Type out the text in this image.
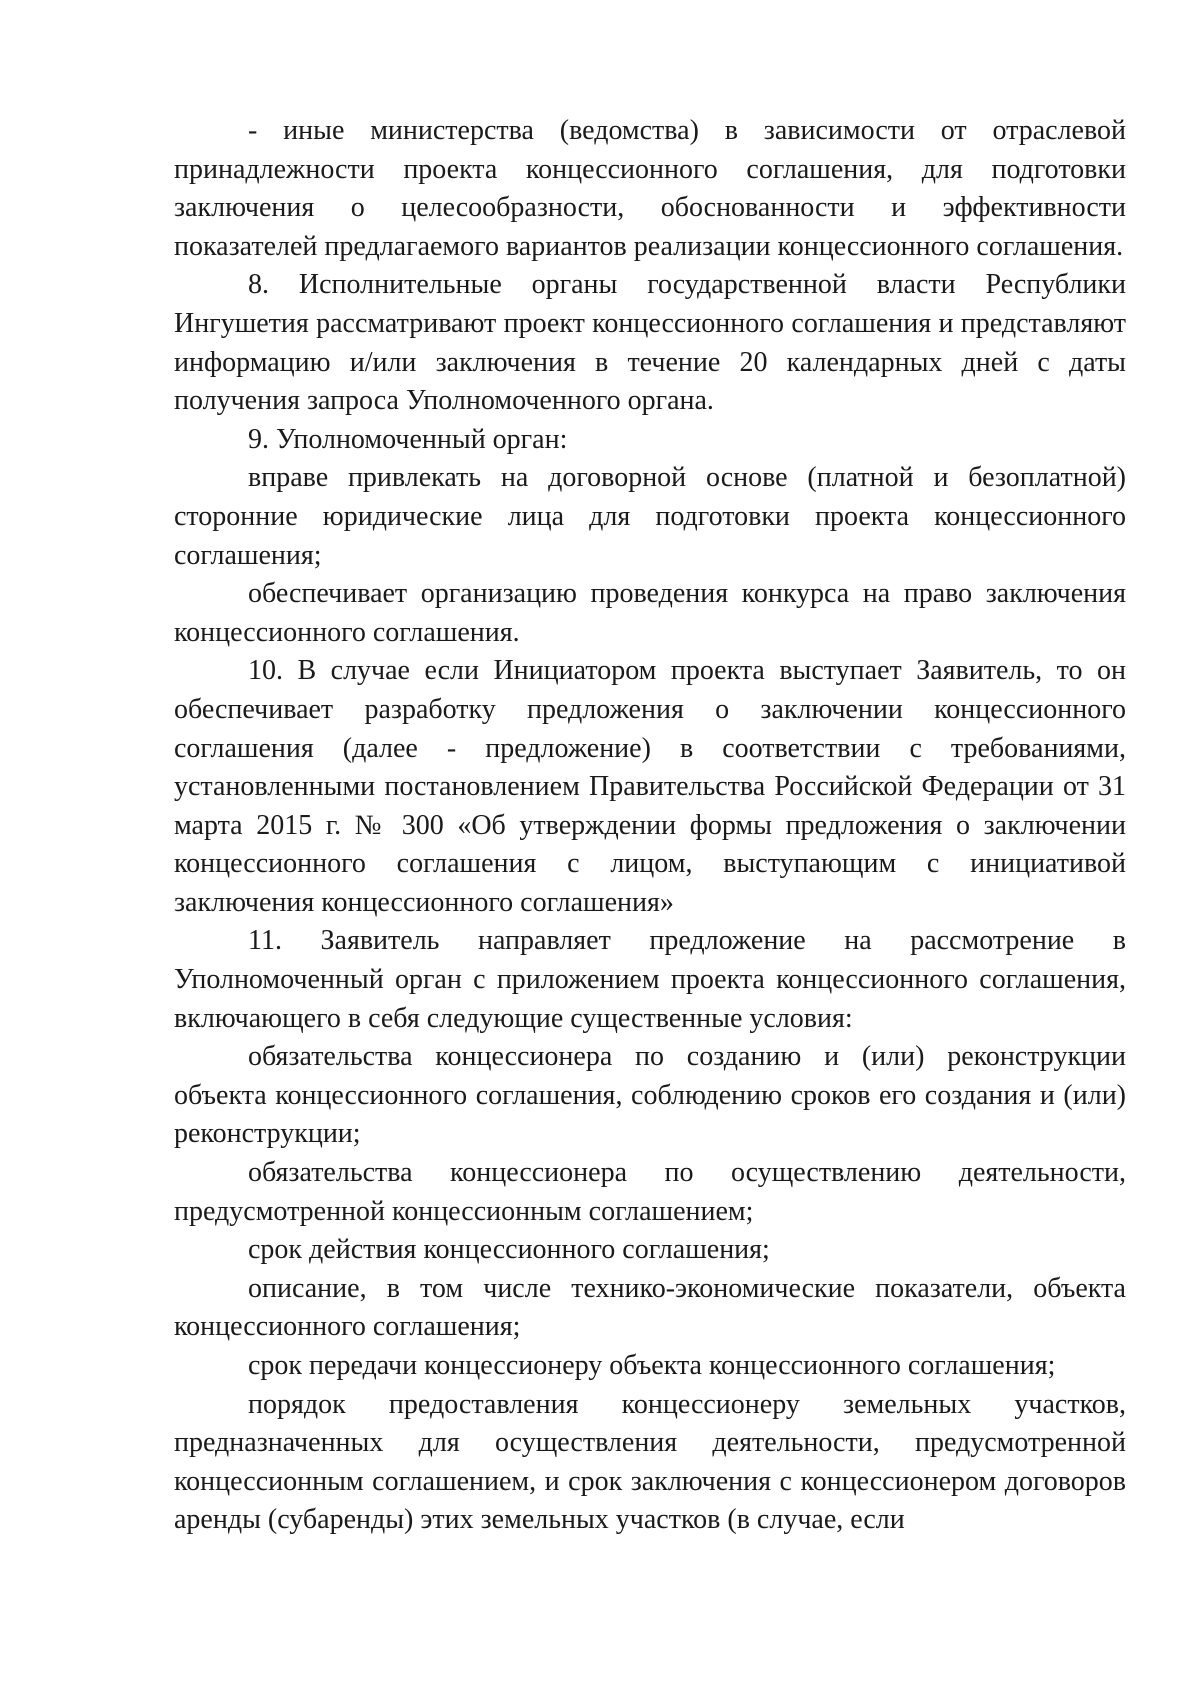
- иные министерства (ведомства) в зависимости от отраслевой принадлежности проекта концессионного соглашения, для подготовки заключения о целесообразности, обоснованности и эффективности показателей предлагаемого вариантов реализации концессионного соглашения.

8. Исполнительные органы государственной власти Республики Ингушетия рассматривают проект концессионного соглашения и представляют информацию и/или заключения в течение 20 календарных дней с даты получения запроса Уполномоченного органа.

9. Уполномоченный орган:

вправе привлекать на договорной основе (платной и безоплатной) сторонние юридические лица для подготовки проекта концессионного соглашения;

обеспечивает организацию проведения конкурса на право заключения концессионного соглашения.

10. В случае если Инициатором проекта выступает Заявитель, то он обеспечивает разработку предложения о заключении концессионного соглашения (далее - предложение) в соответствии с требованиями, установленными постановлением Правительства Российской Федерации от 31 марта 2015 г. № 300 «Об утверждении формы предложения о заключении концессионного соглашения с лицом, выступающим с инициативой заключения концессионного соглашения»

11. Заявитель направляет предложение на рассмотрение в Уполномоченный орган с приложением проекта концессионного соглашения, включающего в себя следующие существенные условия:

обязательства концессионера по созданию и (или) реконструкции объекта концессионного соглашения, соблюдению сроков его создания и (или) реконструкции;

обязательства концессионера по осуществлению деятельности, предусмотренной концессионным соглашением;

срок действия концессионного соглашения;

описание, в том числе технико-экономические показатели, объекта концессионного соглашения;

срок передачи концессионеру объекта концессионного соглашения;

порядок предоставления концессионеру земельных участков, предназначенных для осуществления деятельности, предусмотренной концессионным соглашением, и срок заключения с концессионером договоров аренды (субаренды) этих земельных участков (в случае, если
